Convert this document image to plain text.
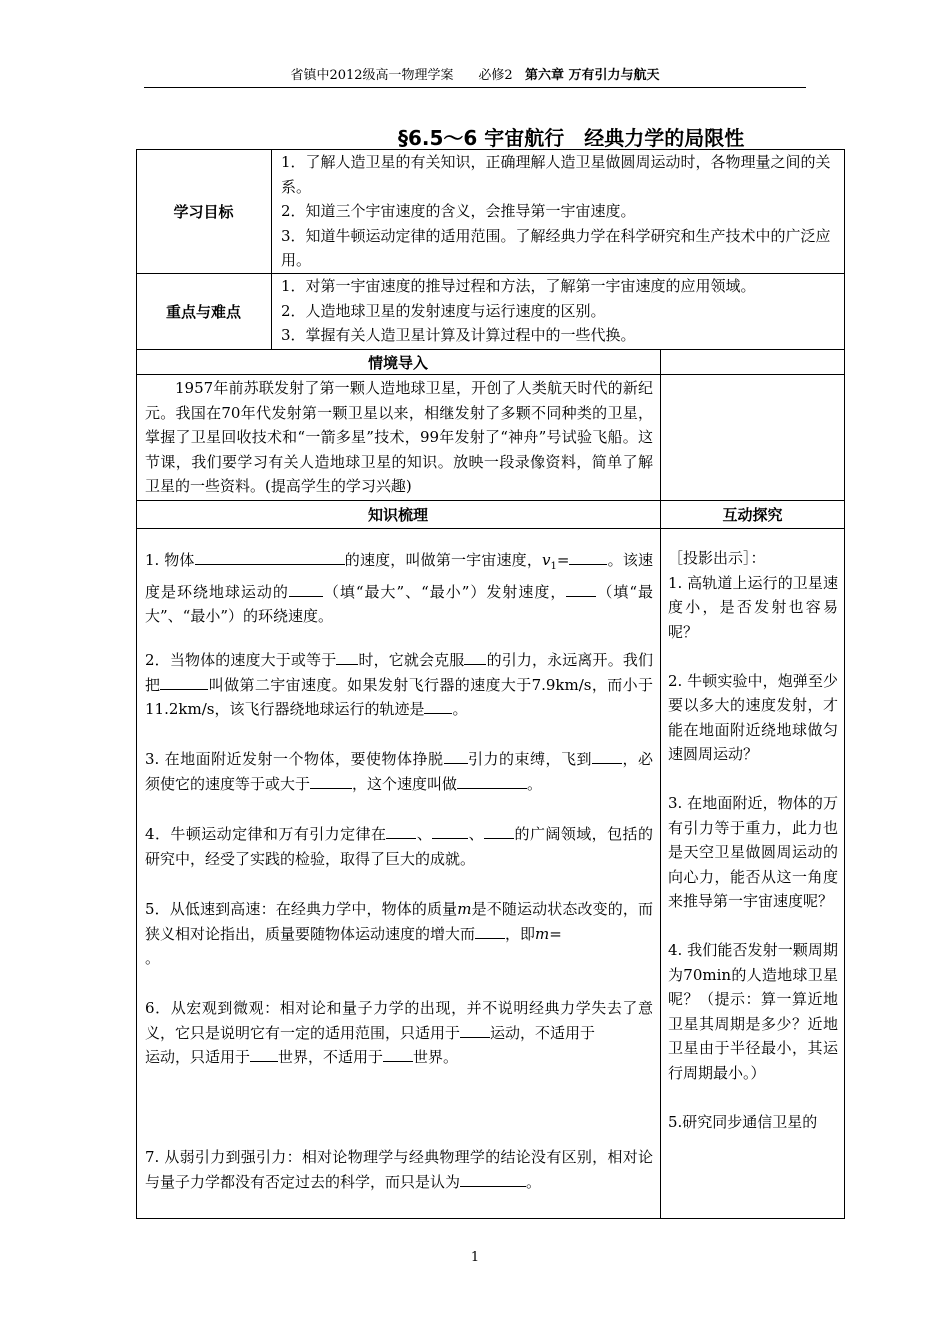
省镇中2012级高一物理学案 必修2 第六章 万有引力与航天
§6.5～6 宇宙航行　经典力学的局限性
学习目标
1．了解人造卫星的有关知识，正确理解人造卫星做圆周运动时，各物理量之间的关系。
2．知道三个宇宙速度的含义，会推导第一宇宙速度。
3．知道牛顿运动定律的适用范围。了解经典力学在科学研究和生产技术中的广泛应用。
重点与难点
1．对第一宇宙速度的推导过程和方法，了解第一宇宙速度的应用领域。
2．人造地球卫星的发射速度与运行速度的区别。
3．掌握有关人造卫星计算及计算过程中的一些代换。
情境导入
1957年前苏联发射了第一颗人造地球卫星，开创了人类航天时代的新纪元。我国在70年代发射第一颗卫星以来，相继发射了多颗不同种类的卫星，掌握了卫星回收技术和“一箭多星”技术，99年发射了“神舟”号试验飞船。这节课，我们要学习有关人造地球卫星的知识。放映一段录像资料，简单了解卫星的一些资料。(提高学生的学习兴趣)
知识梳理	互动探究
1. 物体	的速度，叫做第一宇宙速度，$v_1=$	。该速度是环绕地球运动的 （填“最大”、“最小”）发射速度， （填“最大”、“最小”）的环绕速度。
2．当物体的速度大于或等于 时，它就会克服 的引力，永远离开。我们把	叫做第二宇宙速度。如果发射飞行器的速度大于7.9km/s，而小于11.2km/s，该飞行器绕地球运行的轨迹是 。
3. 在地面附近发射一个物体，要使物体挣脱 引力的束缚，飞到 ，必须使它的速度等于或大于	，这个速度叫做	。
4．牛顿运动定律和万有引力定律在 、 、 的广阔领域，包括的研究中，经受了实践的检验，取得了巨大的成就。
5．从低速到高速：在经典力学中，物体的质量m是不随运动状态改变的，而狭义相对论指出，质量要随物体运动速度的增大而 ，即m=
。
6．从宏观到微观：相对论和量子力学的出现，并不说明经典力学失去了意义，它只是说明它有一定的适用范围，只适用于 运动，不适用于
运动，只适用于 世界，不适用于 世界。
7. 从弱引力到强引力：相对论物理学与经典物理学的结论没有区别，相对论与量子力学都没有否定过去的科学，而只是认为	。
［投影出示］：
1. 高轨道上运行的卫星速度小，是否发射也容易呢？
2. 牛顿实验中，炮弹至少要以多大的速度发射，才能在地面附近绕地球做匀速圆周运动？
3. 在地面附近，物体的万有引力等于重力，此力也是天空卫星做圆周运动的向心力，能否从这一角度来推导第一宇宙速度呢？
4. 我们能否发射一颗周期为70min的人造地球卫星呢？（提示：算一算近地卫星其周期是多少？近地卫星由于半径最小，其运行周期最小。）
5.研究同步通信卫星的
1
